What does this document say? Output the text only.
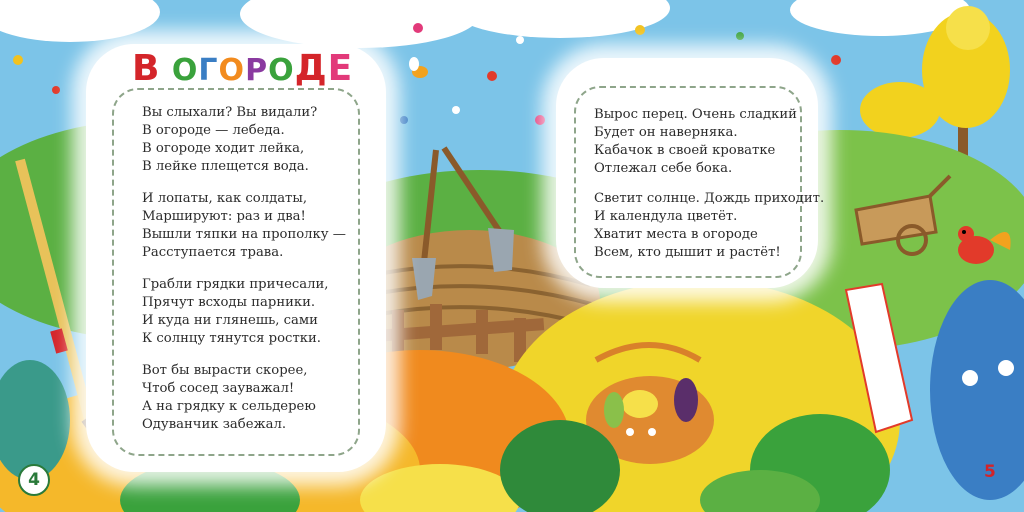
В ОГОРОДЕ
Вы слыхали? Вы видали?
В огороде — лебеда.
В огороде ходит лейка,
В лейке плещется вода.
И лопаты, как солдаты,
Маршируют: раз и два!
Вышли тяпки на прополку —
Расступается трава.
Грабли грядки причесали,
Прячут всходы парники.
И куда ни глянешь, сами
К солнцу тянутся ростки.
Вот бы вырасти скорее,
Чтоб сосед зауважал!
А на грядку к сельдерею
Одуванчик забежал.
Вырос перец. Очень сладкий
Будет он наверняка.
Кабачок в своей кроватке
Отлежал себе бока.
Светит солнце. Дождь приходит.
И календула цветёт.
Хватит места в огороде
Всем, кто дышит и растёт!
4	5
